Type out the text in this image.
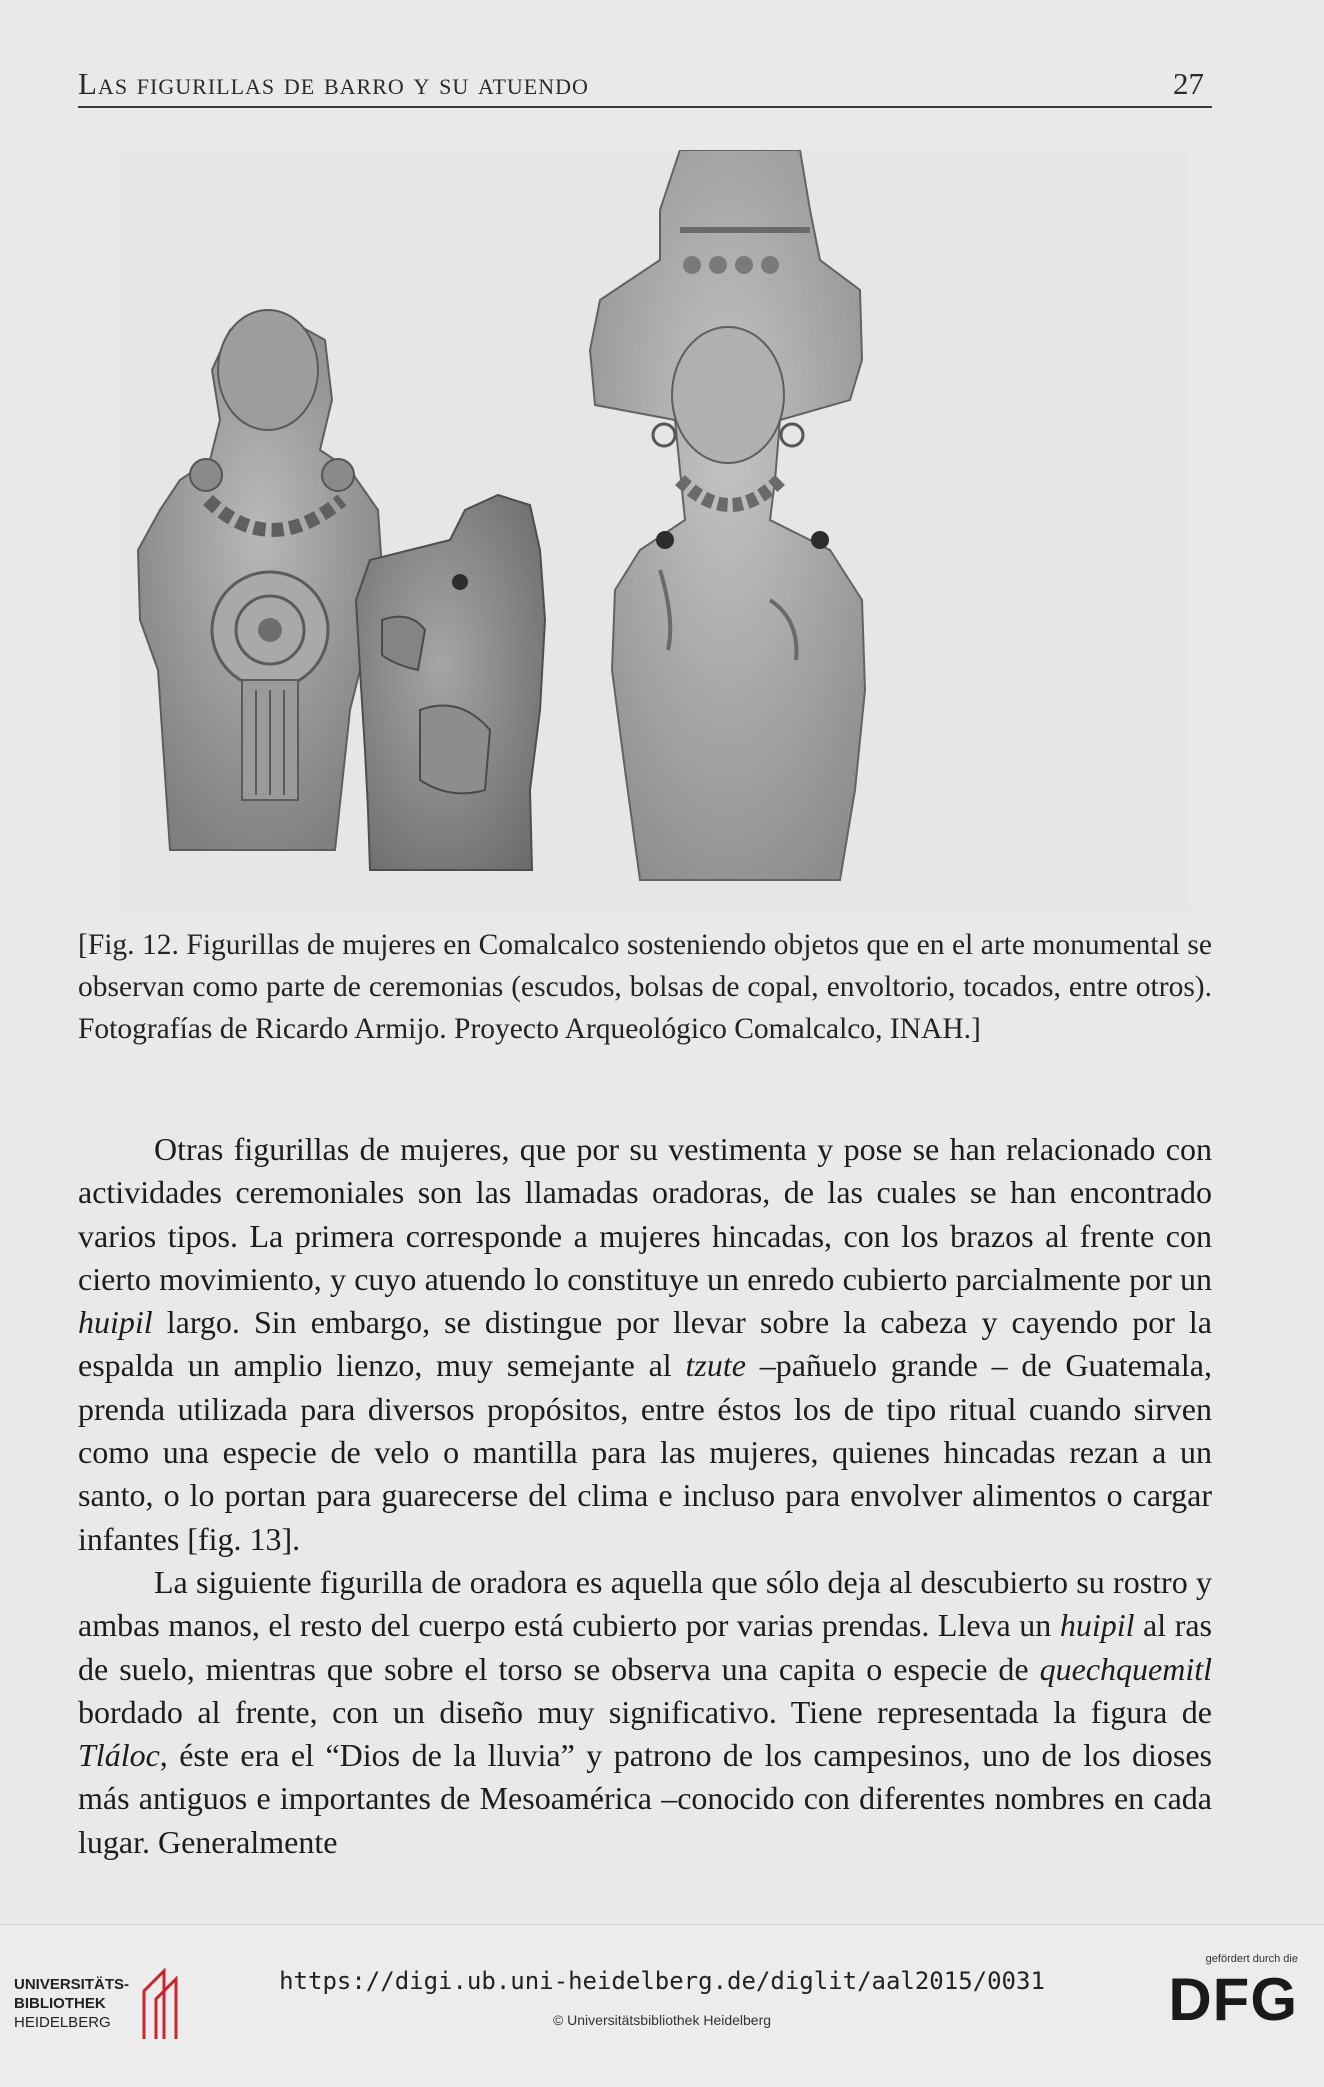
Las figurillas de barro y su atuendo	27
[Fig. 12. Figurillas de mujeres en Comalcalco sosteniendo objetos que en el arte monumental se observan como parte de ceremonias (escudos, bolsas de copal, envoltorio, tocados, entre otros). Fotografías de Ricardo Armijo. Proyecto Arqueológico Comalcalco, INAH.]

Otras figurillas de mujeres, que por su vestimenta y pose se han relacionado con actividades ceremoniales son las llamadas oradoras, de las cuales se han encontrado varios tipos. La primera corresponde a mujeres hincadas, con los brazos al frente con cierto movimiento, y cuyo atuendo lo constituye un enredo cubierto parcialmente por un huipil largo. Sin embargo, se distingue por llevar sobre la cabeza y cayendo por la espalda un amplio lienzo, muy semejante al tzute –pañuelo grande – de Guatemala, prenda utilizada para diversos propósitos, entre éstos los de tipo ritual cuando sirven como una especie de velo o mantilla para las mujeres, quienes hincadas rezan a un santo, o lo portan para guarecerse del clima e incluso para envolver alimentos o cargar infantes [fig. 13].

La siguiente figurilla de oradora es aquella que sólo deja al descubierto su rostro y ambas manos, el resto del cuerpo está cubierto por varias prendas. Lleva un huipil al ras de suelo, mientras que sobre el torso se observa una capita o especie de quechquemitl bordado al frente, con un diseño muy significativo. Tiene representada la figura de Tláloc, éste era el “Dios de la lluvia” y patrono de los campesinos, uno de los dioses más antiguos e importantes de Mesoamérica –conocido con diferentes nombres en cada lugar. Generalmente

UNIVERSITÄTS-
BIBLIOTHEK
HEIDELBERG
https://digi.ub.uni-heidelberg.de/diglit/aal2015/0031
© Universitätsbibliothek Heidelberg
gefördert durch die
DFG
